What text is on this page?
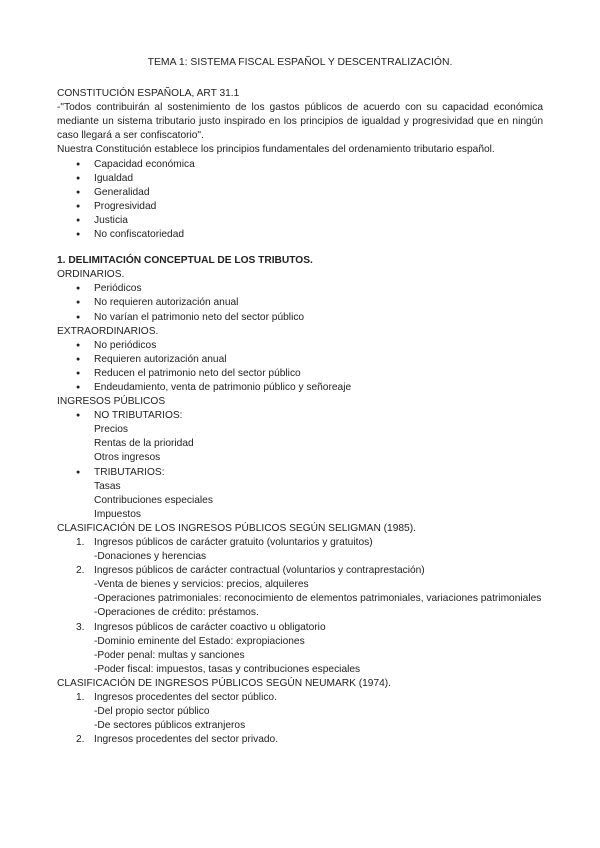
TEMA 1: SISTEMA FISCAL ESPAÑOL Y DESCENTRALIZACIÓN.

CONSTITUCIÓN ESPAÑOLA, ART 31.1

-"Todos contribuirán al sostenimiento de los gastos públicos de acuerdo con su capacidad económica mediante un sistema tributario justo inspirado en los principios de igualdad y progresividad que en ningún caso llegará a ser confiscatorio".

Nuestra Constitución establece los principios fundamentales del ordenamiento tributario español.

● Capacidad económica
● Igualdad
● Generalidad
● Progresividad
● Justicia
● No confiscatoriedad

1. DELIMITACIÓN CONCEPTUAL DE LOS TRIBUTOS.

ORDINARIOS.

● Periódicos
● No requieren autorización anual
● No varían el patrimonio neto del sector público

EXTRAORDINARIOS.

● No periódicos
● Requieren autorización anual
● Reducen el patrimonio neto del sector público
● Endeudamiento, venta de patrimonio público y señoreaje

INGRESOS PÚBLICOS

● NO TRIBUTARIOS:
Precios
Rentas de la prioridad
Otros ingresos
● TRIBUTARIOS:
Tasas
Contribuciones especiales
Impuestos

CLASIFICACIÓN DE LOS INGRESOS PÚBLICOS SEGÚN SELIGMAN (1985).

1. Ingresos públicos de carácter gratuito (voluntarios y gratuitos)
-Donaciones y herencias
2. Ingresos públicos de carácter contractual (voluntarios y contraprestación)
-Venta de bienes y servicios: precios, alquileres
-Operaciones patrimoniales: reconocimiento de elementos patrimoniales, variaciones patrimoniales
-Operaciones de crédito: préstamos.
3. Ingresos públicos de carácter coactivo u obligatorio
-Dominio eminente del Estado: expropiaciones
-Poder penal: multas y sanciones
-Poder fiscal: impuestos, tasas y contribuciones especiales

CLASIFICACIÓN DE INGRESOS PÚBLICOS SEGÚN NEUMARK (1974).

1. Ingresos procedentes del sector público.
-Del propio sector público
-De sectores públicos extranjeros
2. Ingresos procedentes del sector privado.
